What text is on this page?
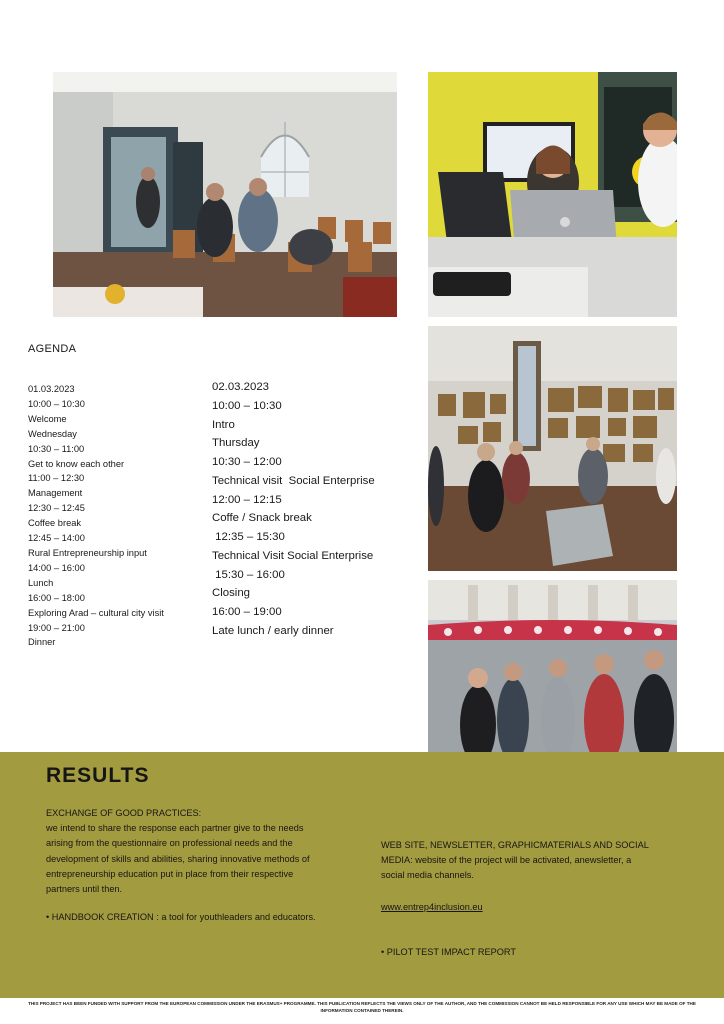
AGENDA
01.03.2023
10:00 – 10:30
Welcome
Wednesday
10:30 – 11:00
Get to know each other
11:00 – 12:30
Management
12:30 – 12:45
Coffee break
12:45 – 14:00
Rural Entrepreneurship input
14:00 – 16:00
Lunch
16:00 – 18:00
Exploring Arad – cultural city visit
19:00 – 21:00
Dinner
02.03.2023
10:00 – 10:30
Intro
Thursday
10:30 – 12:00
Technical visit  Social Enterprise
12:00 – 12:15
Coffe / Snack break
12:35 – 15:30
Technical Visit Social Enterprise
15:30 – 16:00
Closing
16:00 – 19:00
Late lunch / early dinner
RESULTS
EXCHANGE OF GOOD PRACTICES:
we intend to share the response each partner give to the needs
arising from the questionnaire on professional needs and the
development of skills and abilities, sharing innovative methods of
entrepreneurship education put in place from their respective
partners until then.
• HANDBOOK CREATION : a tool for youthleaders and educators.
WEB SITE, NEWSLETTER, GRAPHICMATERIALS AND SOCIAL
MEDIA: website of the project will be activated, anewsletter, a
social media channels.
www.entrep4inclusion.eu
• PILOT TEST IMPACT REPORT
THIS PROJECT HAS BEEN FUNDED WITH SUPPORT FROM THE EUROPEAN COMMISSION UNDER THE ERASMUS+ PROGRAMME. THIS PUBLICATION REFLECTS THE VIEWS ONLY OF THE AUTHOR, AND THE COMMISSION CANNOT BE HELD RESPONSIBLE FOR ANY USE WHICH MAY BE MADE OF THE
INFORMATION CONTAINED THEREIN.
